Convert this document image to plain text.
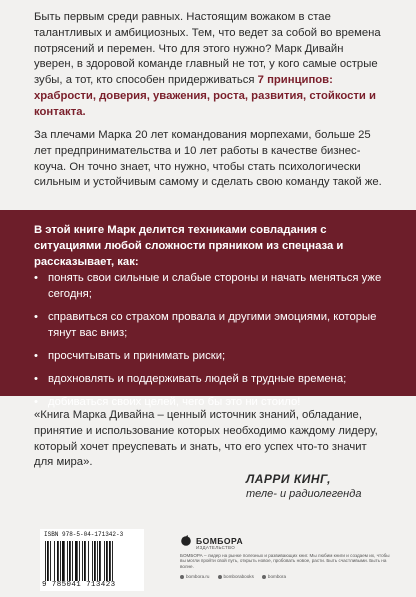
Быть первым среди равных. Настоящим вожаком в стае талантливых и амбициозных. Тем, что ведет за собой во времена потрясений и перемен. Что для этого нужно? Марк Дивайн уверен, в здоровой команде главный не тот, у кого самые острые зубы, а тот, кто способен придерживаться 7 принципов: храбрости, доверия, уважения, роста, развития, стойкости и контакта.

За плечами Марка 20 лет командования морпехами, больше 25 лет предпринимательства и 10 лет работы в качестве бизнес-коуча. Он точно знает, что нужно, чтобы стать психологически сильным и устойчивым самому и сделать свою команду такой же.

В этой книге Марк делится техниками совладания с ситуациями любой сложности пряником из спецназа и рассказывает, как:

• понять свои сильные и слабые стороны и начать меняться уже сегодня;
• справиться со страхом провала и другими эмоциями, которые тянут вас вниз;
• просчитывать и принимать риски;
• вдохновлять и поддерживать людей в трудные времена;
• добиваться своих целей, чего бы это ни стоило!

«Книга Марка Дивайна – ценный источник знаний, обладание, принятие и использование которых необходимо каждому лидеру, который хочет преуспевать и знать, что его успех что-то значит для мира».

ЛАРРИ КИНГ,
теле- и радиолегенда
ISBN 978-5-04-171342-3
9 785041 713423
БОМБОРА
ИЗДАТЕЛЬСТВО
БОМБОРА – лидер на рынке полезных и развивающих книг. Мы любим книги и создаем их, чтобы вы могли пройти свой путь, открыть новое, пробовать новое, расти. Быть счастливыми. Быть на волне.
bombora.ru	bomborabooks	bombora
